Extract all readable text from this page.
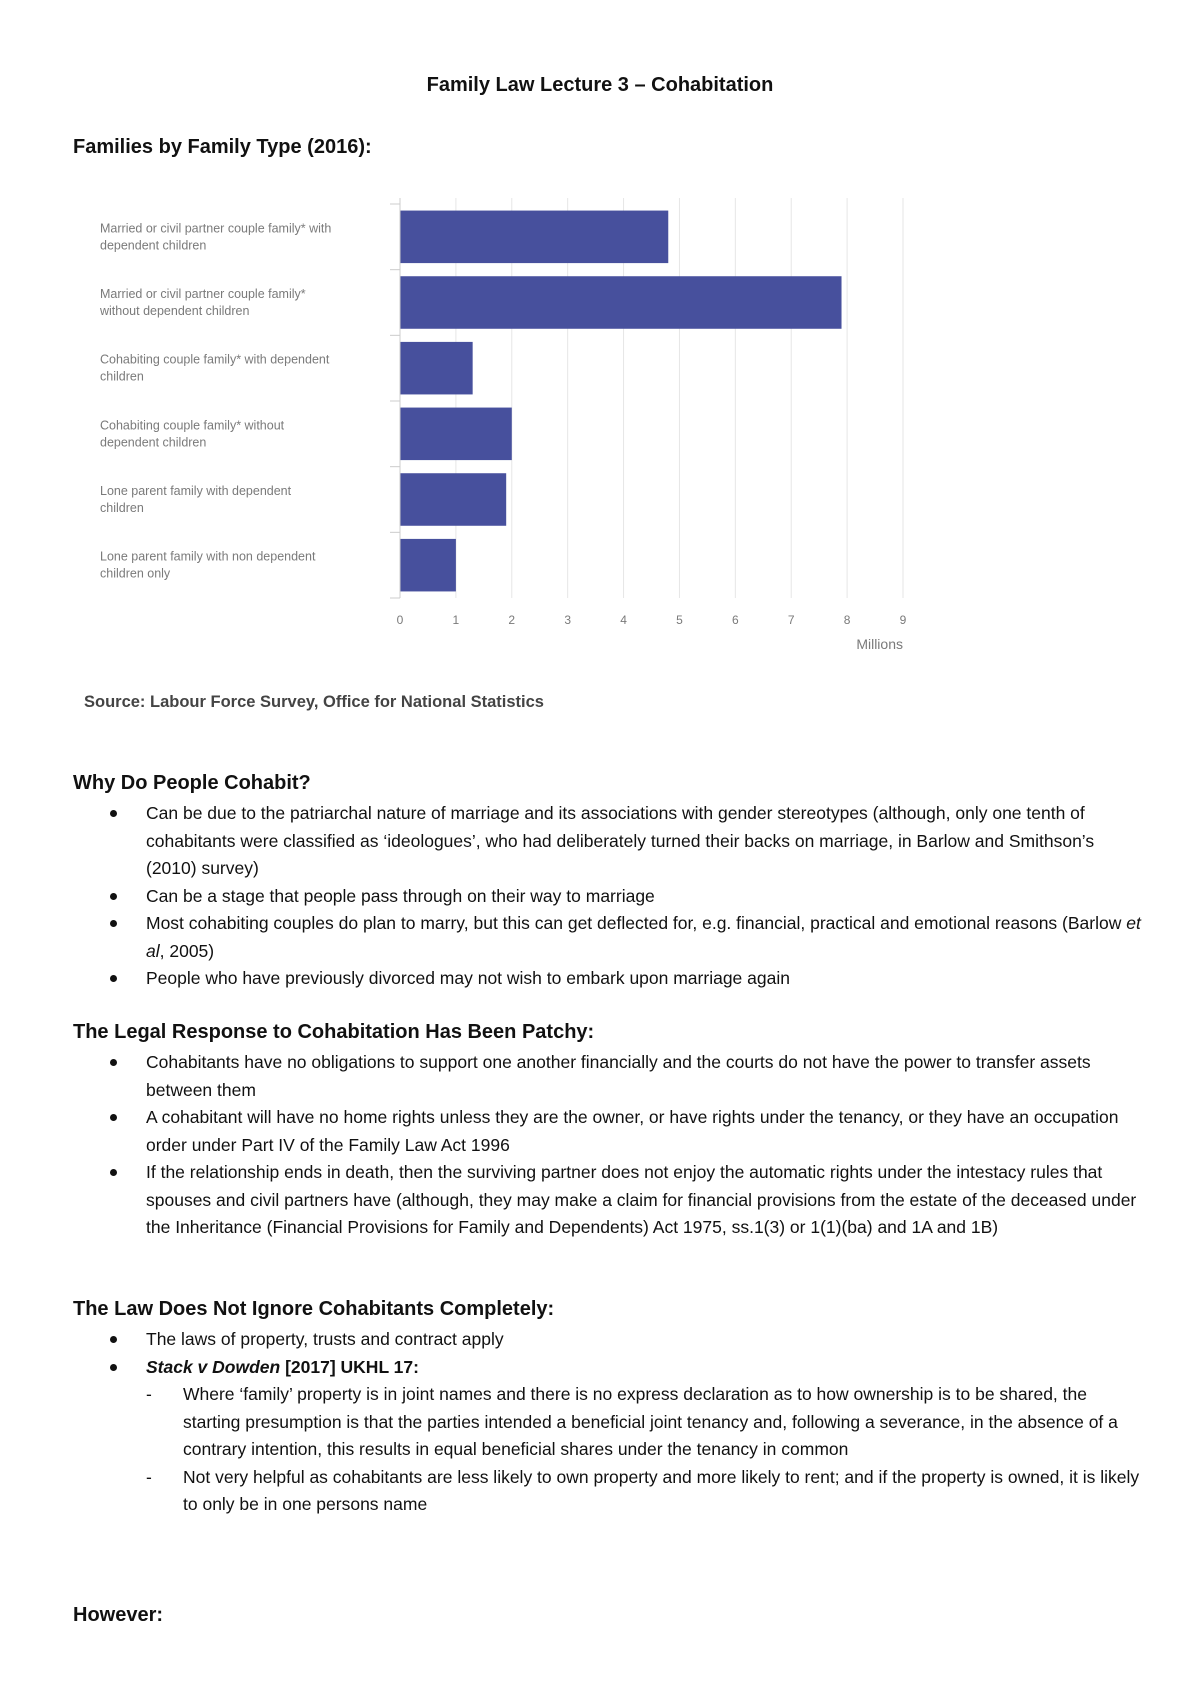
Family Law Lecture 3 – Cohabitation
Families by Family Type (2016):
Married or civil partner couple family* with
dependent children
Married or civil partner couple family*
without dependent children
Cohabiting couple family* with dependent
children
Cohabiting couple family* without
dependent children
Lone parent family with dependent
children
Lone parent family with non dependent
children only
0	1	2	3	4	5	6	7	8	9
Millions
Source: Labour Force Survey, Office for National Statistics
Why Do People Cohabit?
Can be due to the patriarchal nature of marriage and its associations with gender stereotypes (although, only one tenth of cohabitants were classified as ‘ideologues’, who had deliberately turned their backs on marriage, in Barlow and Smithson’s (2010) survey)
Can be a stage that people pass through on their way to marriage
Most cohabiting couples do plan to marry, but this can get deflected for, e.g. financial, practical and emotional reasons (Barlow et al, 2005)
People who have previously divorced may not wish to embark upon marriage again
The Legal Response to Cohabitation Has Been Patchy:
Cohabitants have no obligations to support one another financially and the courts do not have the power to transfer assets between them
A cohabitant will have no home rights unless they are the owner, or have rights under the tenancy, or they have an occupation order under Part IV of the Family Law Act 1996
If the relationship ends in death, then the surviving partner does not enjoy the automatic rights under the intestacy rules that spouses and civil partners have (although, they may make a claim for financial provisions from the estate of the deceased under the Inheritance (Financial Provisions for Family and Dependents) Act 1975, ss.1(3) or 1(1)(ba) and 1A and 1B)
The Law Does Not Ignore Cohabitants Completely:
The laws of property, trusts and contract apply
Stack v Dowden [2017] UKHL 17:
- Where ‘family’ property is in joint names and there is no express declaration as to how ownership is to be shared, the starting presumption is that the parties intended a beneficial joint tenancy and, following a severance, in the absence of a contrary intention, this results in equal beneficial shares under the tenancy in common
- Not very helpful as cohabitants are less likely to own property and more likely to rent; and if the property is owned, it is likely to only be in one persons name
However:
